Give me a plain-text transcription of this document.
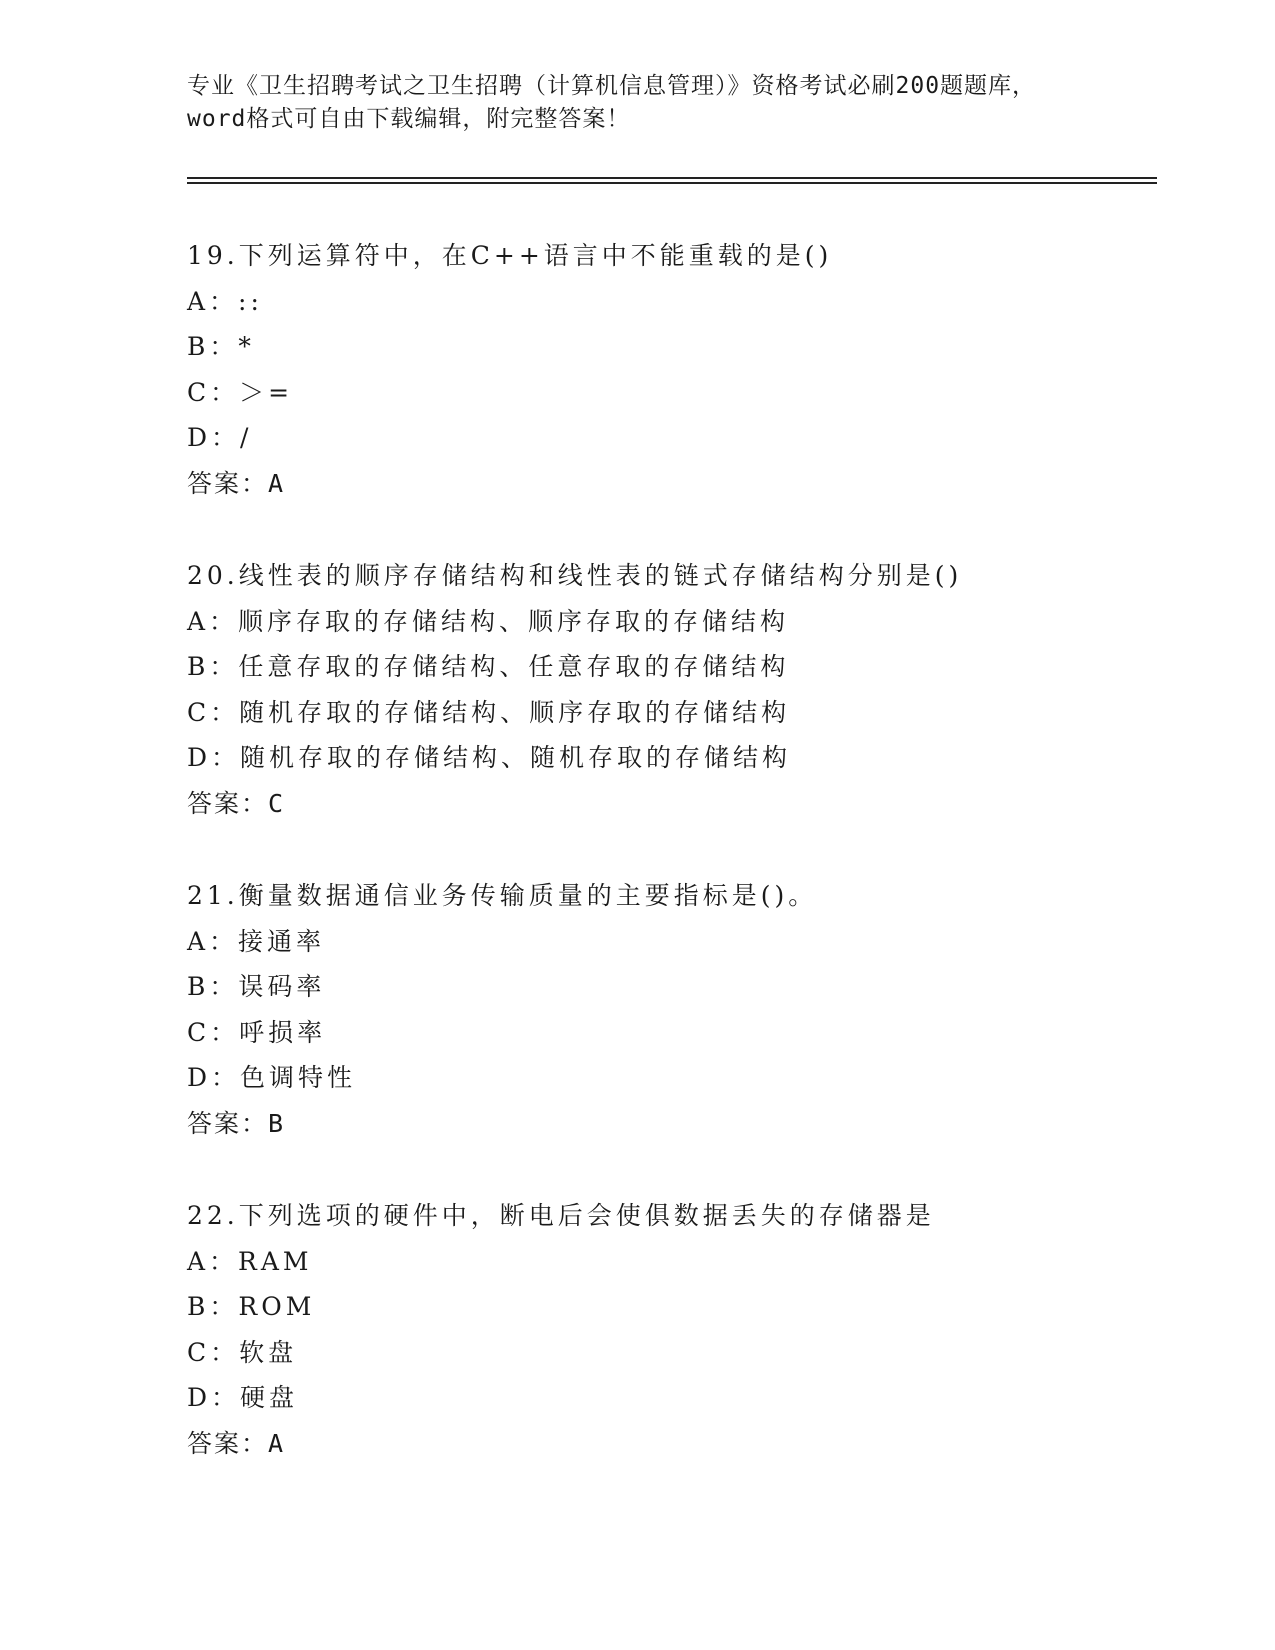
专业《卫生招聘考试之卫生招聘（计算机信息管理）》资格考试必刷200题题库，
word格式可自由下载编辑，附完整答案！
19.下列运算符中，在C++语言中不能重载的是()
A：::
B：*
C：＞=
D：/
答案：A
20.线性表的顺序存储结构和线性表的链式存储结构分别是()
A：顺序存取的存储结构、顺序存取的存储结构
B：任意存取的存储结构、任意存取的存储结构
C：随机存取的存储结构、顺序存取的存储结构
D：随机存取的存储结构、随机存取的存储结构
答案：C
21.衡量数据通信业务传输质量的主要指标是()。
A：接通率
B：误码率
C：呼损率
D：色调特性
答案：B
22.下列选项的硬件中，断电后会使俱数据丢失的存储器是
A：RAM
B：ROM
C：软盘
D：硬盘
答案：A
